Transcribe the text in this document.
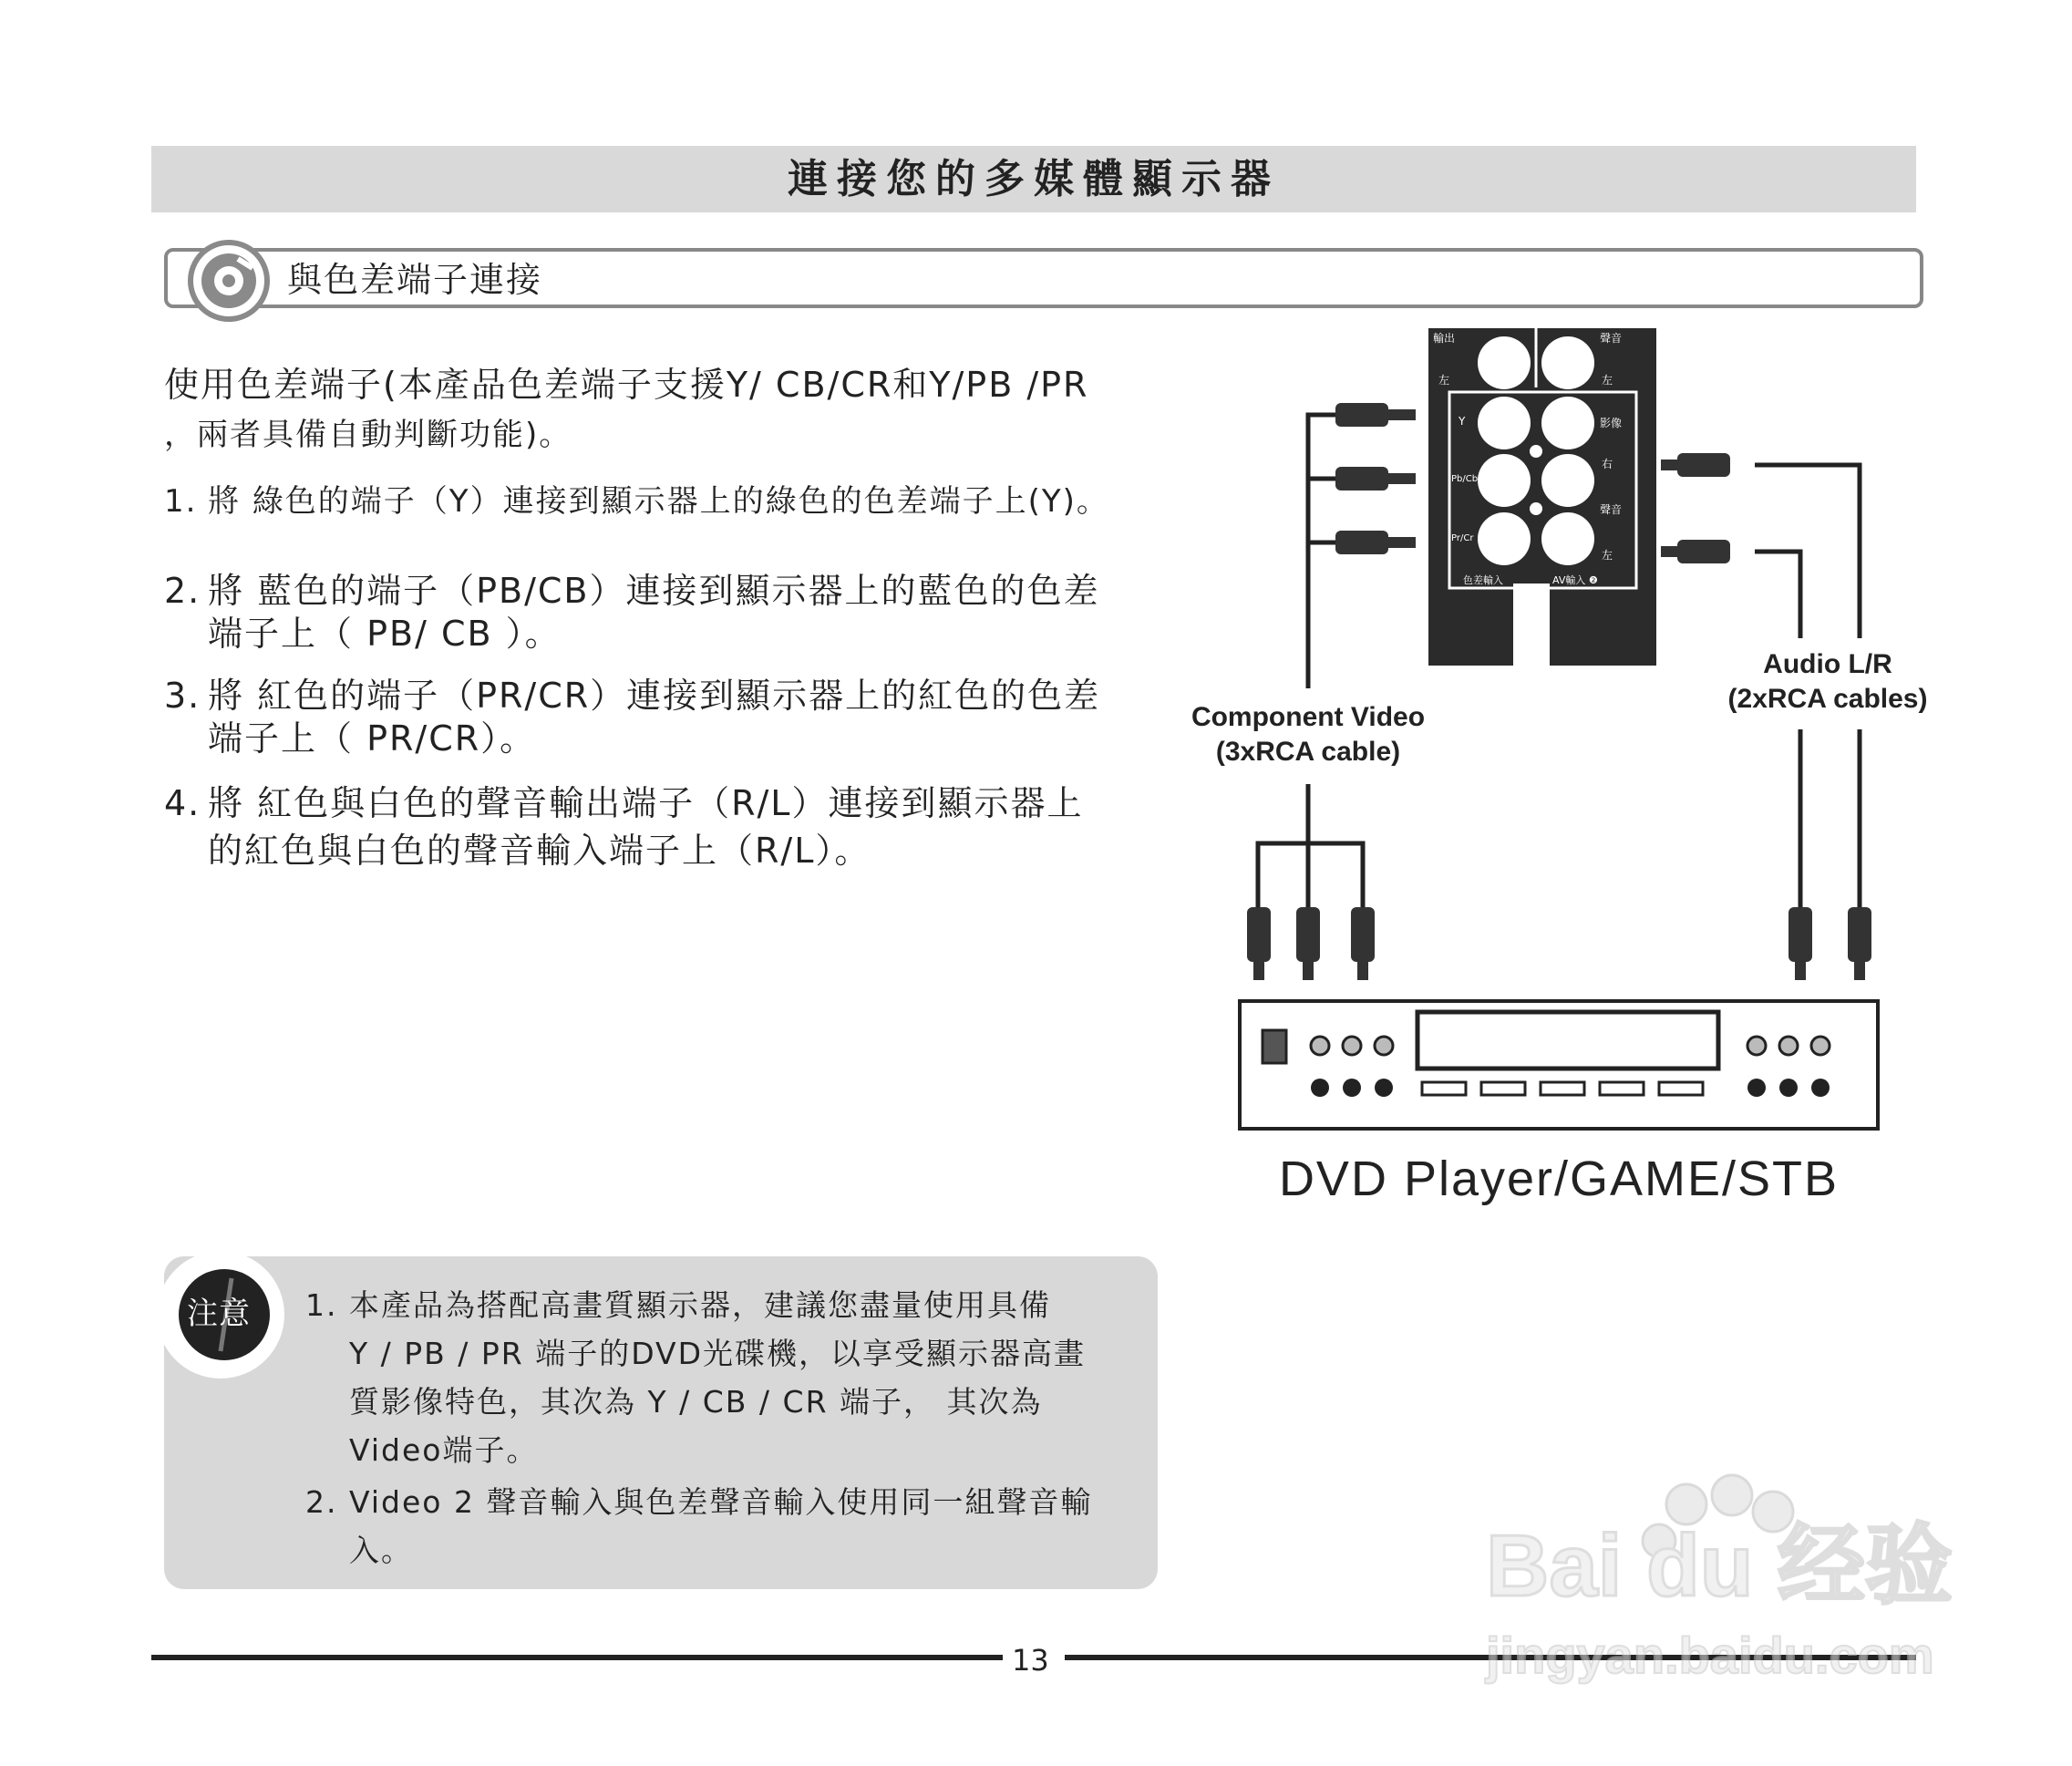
連接您的多媒體顯示器
與色差端子連接
使用色差端子(本產品色差端子支援Y/ CB/CR和Y/PB /PR
，兩者具備自動判斷功能)。
1. 將 綠色的端子（Y）連接到顯示器上的綠色的色差端子上(Y)。
2. 將 藍色的端子（PB/CB）連接到顯示器上的藍色的色差
端子上（ PB/ CB ）。
3. 將 紅色的端子（PR/CR）連接到顯示器上的紅色的色差
端子上（ PR/CR）。
4. 將 紅色與白色的聲音輸出端子（R/L）連接到顯示器上
的紅色與白色的聲音輸入端子上（R/L）。
注意 1. 本產品為搭配高畫質顯示器，建議您盡量使用具備
Y / PB / PR 端子的DVD光碟機，以享受顯示器高畫
質影像特色，其次為 Y / CB / CR 端子， 其次為
Video端子。
2. Video 2 聲音輸入與色差聲音輸入使用同一組聲音輸
入。
輸出
左
聲音
左
Y
Pb/Cb
Pr/Cr
影像
右
聲音
左
色差輸入	AV輸入 ❷
Component Video
(3xRCA cable)
Audio L/R
(2xRCA cables)
DVD Player/GAME/STB
13
Bai du 经验
jingyan.baidu.com
